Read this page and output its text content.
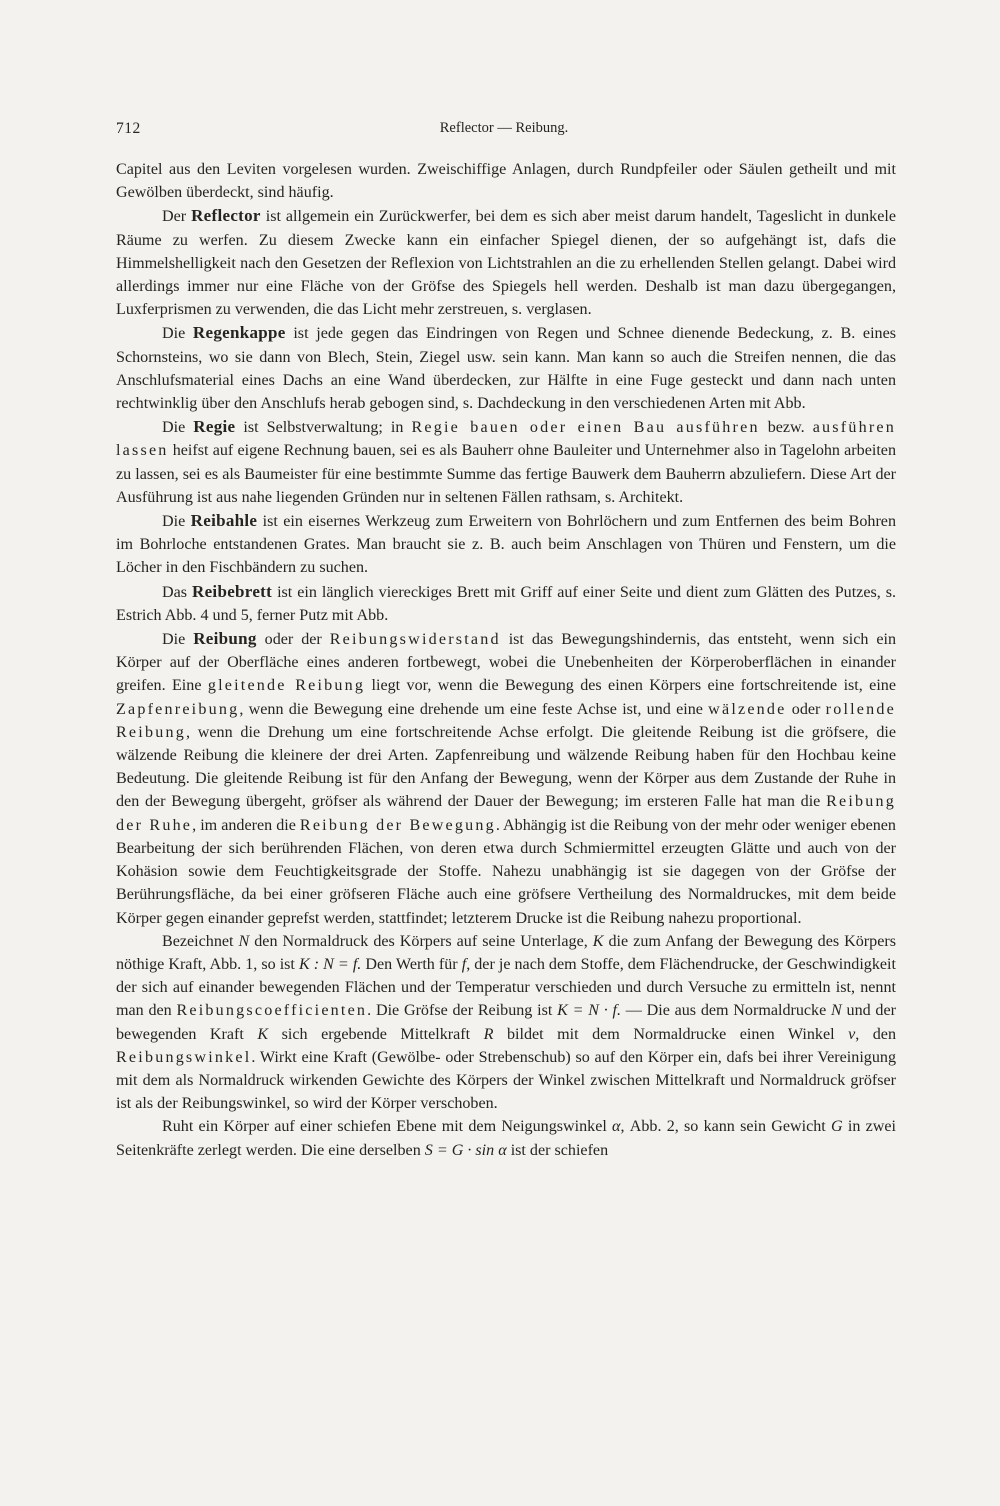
712	Reflector — Reibung.

Capitel aus den Leviten vorgelesen wurden. Zweischiffige Anlagen, durch Rundpfeiler oder Säulen getheilt und mit Gewölben überdeckt, sind häufig.

Der Reflector ist allgemein ein Zurückwerfer, bei dem es sich aber meist darum handelt, Tageslicht in dunkele Räume zu werfen. Zu diesem Zwecke kann ein einfacher Spiegel dienen, der so aufgehängt ist, dafs die Himmelshelligkeit nach den Gesetzen der Reflexion von Lichtstrahlen an die zu erhellenden Stellen gelangt. Dabei wird allerdings immer nur eine Fläche von der Gröfse des Spiegels hell werden. Deshalb ist man dazu übergegangen, Luxferprismen zu verwenden, die das Licht mehr zerstreuen, s. verglasen.

Die Regenkappe ist jede gegen das Eindringen von Regen und Schnee dienende Bedeckung, z. B. eines Schornsteins, wo sie dann von Blech, Stein, Ziegel usw. sein kann. Man kann so auch die Streifen nennen, die das Anschlufsmaterial eines Dachs an eine Wand überdecken, zur Hälfte in eine Fuge gesteckt und dann nach unten rechtwinklig über den Anschlufs herab gebogen sind, s. Dachdeckung in den verschiedenen Arten mit Abb.

Die Regie ist Selbstverwaltung; in Regie bauen oder einen Bau ausführen bezw. ausführen lassen heifst auf eigene Rechnung bauen, sei es als Bauherr ohne Bauleiter und Unternehmer also in Tagelohn arbeiten zu lassen, sei es als Baumeister für eine bestimmte Summe das fertige Bauwerk dem Bauherrn abzuliefern. Diese Art der Ausführung ist aus nahe liegenden Gründen nur in seltenen Fällen rathsam, s. Architekt.

Die Reibahle ist ein eisernes Werkzeug zum Erweitern von Bohrlöchern und zum Entfernen des beim Bohren im Bohrloche entstandenen Grates. Man braucht sie z. B. auch beim Anschlagen von Thüren und Fenstern, um die Löcher in den Fischbändern zu suchen.

Das Reibebrett ist ein länglich viereckiges Brett mit Griff auf einer Seite und dient zum Glätten des Putzes, s. Estrich Abb. 4 und 5, ferner Putz mit Abb.

Die Reibung oder der Reibungswiderstand ist das Bewegungshindernis, das entsteht, wenn sich ein Körper auf der Oberfläche eines anderen fortbewegt, wobei die Unebenheiten der Körperoberflächen in einander greifen. Eine gleitende Reibung liegt vor, wenn die Bewegung des einen Körpers eine fortschreitende ist, eine Zapfenreibung, wenn die Bewegung eine drehende um eine feste Achse ist, und eine wälzende oder rollende Reibung, wenn die Drehung um eine fortschreitende Achse erfolgt. Die gleitende Reibung ist die gröfsere, die wälzende Reibung die kleinere der drei Arten. Zapfenreibung und wälzende Reibung haben für den Hochbau keine Bedeutung. Die gleitende Reibung ist für den Anfang der Bewegung, wenn der Körper aus dem Zustande der Ruhe in den der Bewegung übergeht, gröfser als während der Dauer der Bewegung; im ersteren Falle hat man die Reibung der Ruhe, im anderen die Reibung der Bewegung. Abhängig ist die Reibung von der mehr oder weniger ebenen Bearbeitung der sich berührenden Flächen, von deren etwa durch Schmiermittel erzeugten Glätte und auch von der Kohäsion sowie dem Feuchtigkeitsgrade der Stoffe. Nahezu unabhängig ist sie dagegen von der Gröfse der Berührungsfläche, da bei einer gröfseren Fläche auch eine gröfsere Vertheilung des Normaldruckes, mit dem beide Körper gegen einander geprefst werden, stattfindet; letzterem Drucke ist die Reibung nahezu proportional.

Bezeichnet N den Normaldruck des Körpers auf seine Unterlage, K die zum Anfang der Bewegung des Körpers nöthige Kraft, Abb. 1, so ist K : N = f. Den Werth für f, der je nach dem Stoffe, dem Flächendrucke, der Geschwindigkeit der sich auf einander bewegenden Flächen und der Temperatur verschieden und durch Versuche zu ermitteln ist, nennt man den Reibungscoefficienten. Die Gröfse der Reibung ist K = N · f. — Die aus dem Normaldrucke N und der bewegenden Kraft K sich ergebende Mittelkraft R bildet mit dem Normaldrucke einen Winkel v, den Reibungswinkel. Wirkt eine Kraft (Gewölbe- oder Strebenschub) so auf den Körper ein, dafs bei ihrer Vereinigung mit dem als Normaldruck wirkenden Gewichte des Körpers der Winkel zwischen Mittelkraft und Normaldruck gröfser ist als der Reibungswinkel, so wird der Körper verschoben.

Ruht ein Körper auf einer schiefen Ebene mit dem Neigungswinkel α, Abb. 2, so kann sein Gewicht G in zwei Seitenkräfte zerlegt werden. Die eine derselben S = G · sin α ist der schiefen
